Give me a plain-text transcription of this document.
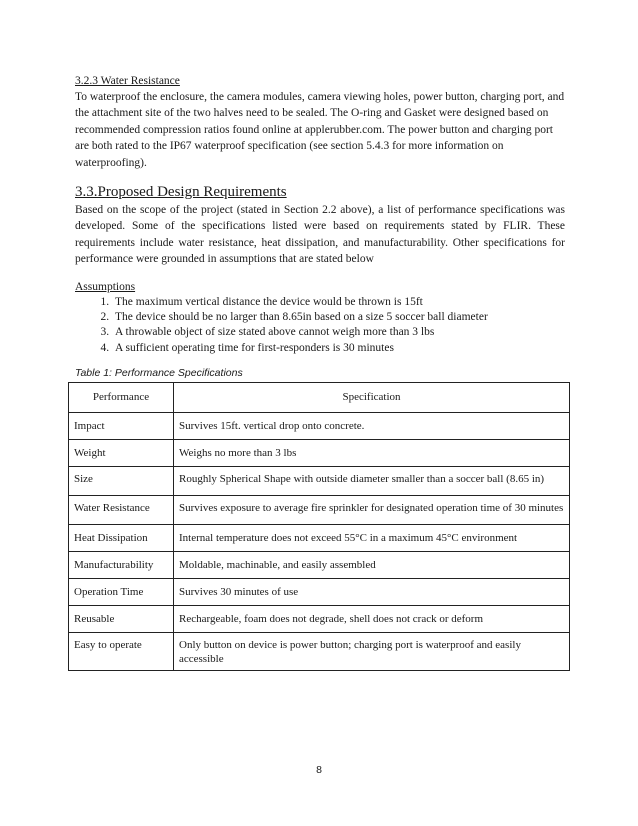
3.2.3 Water Resistance

To waterproof the enclosure, the camera modules, camera viewing holes, power button, charging port, and the attachment site of the two halves need to be sealed. The O-ring and Gasket were designed based on recommended compression ratios found online at applerubber.com. The power button and charging port are both rated to the IP67 waterproof specification (see section 5.4.3 for more information on waterproofing).

3.3.Proposed Design Requirements

Based on the scope of the project (stated in Section 2.2 above), a list of performance specifications was developed. Some of the specifications listed were based on requirements stated by FLIR. These requirements include water resistance, heat dissipation, and manufacturability. Other specifications for performance were grounded in assumptions that are stated below

Assumptions

1. The maximum vertical distance the device would be thrown is 15ft
2. The device should be no larger than 8.65in based on a size 5 soccer ball diameter
3. A throwable object of size stated above cannot weigh more than 3 lbs
4. A sufficient operating time for first-responders is 30 minutes

Table 1: Performance Specifications

Performance	Specification
Impact	Survives 15ft. vertical drop onto concrete.
Weight	Weighs no more than 3 lbs
Size	Roughly Spherical Shape with outside diameter smaller than a soccer ball (8.65 in)
Water Resistance	Survives exposure to average fire sprinkler for designated operation time of 30 minutes
Heat Dissipation	Internal temperature does not exceed 55°C in a maximum 45°C environment
Manufacturability	Moldable, machinable, and easily assembled
Operation Time	Survives 30 minutes of use
Reusable	Rechargeable, foam does not degrade, shell does not crack or deform
Easy to operate	Only button on device is power button; charging port is waterproof and easily accessible
8
